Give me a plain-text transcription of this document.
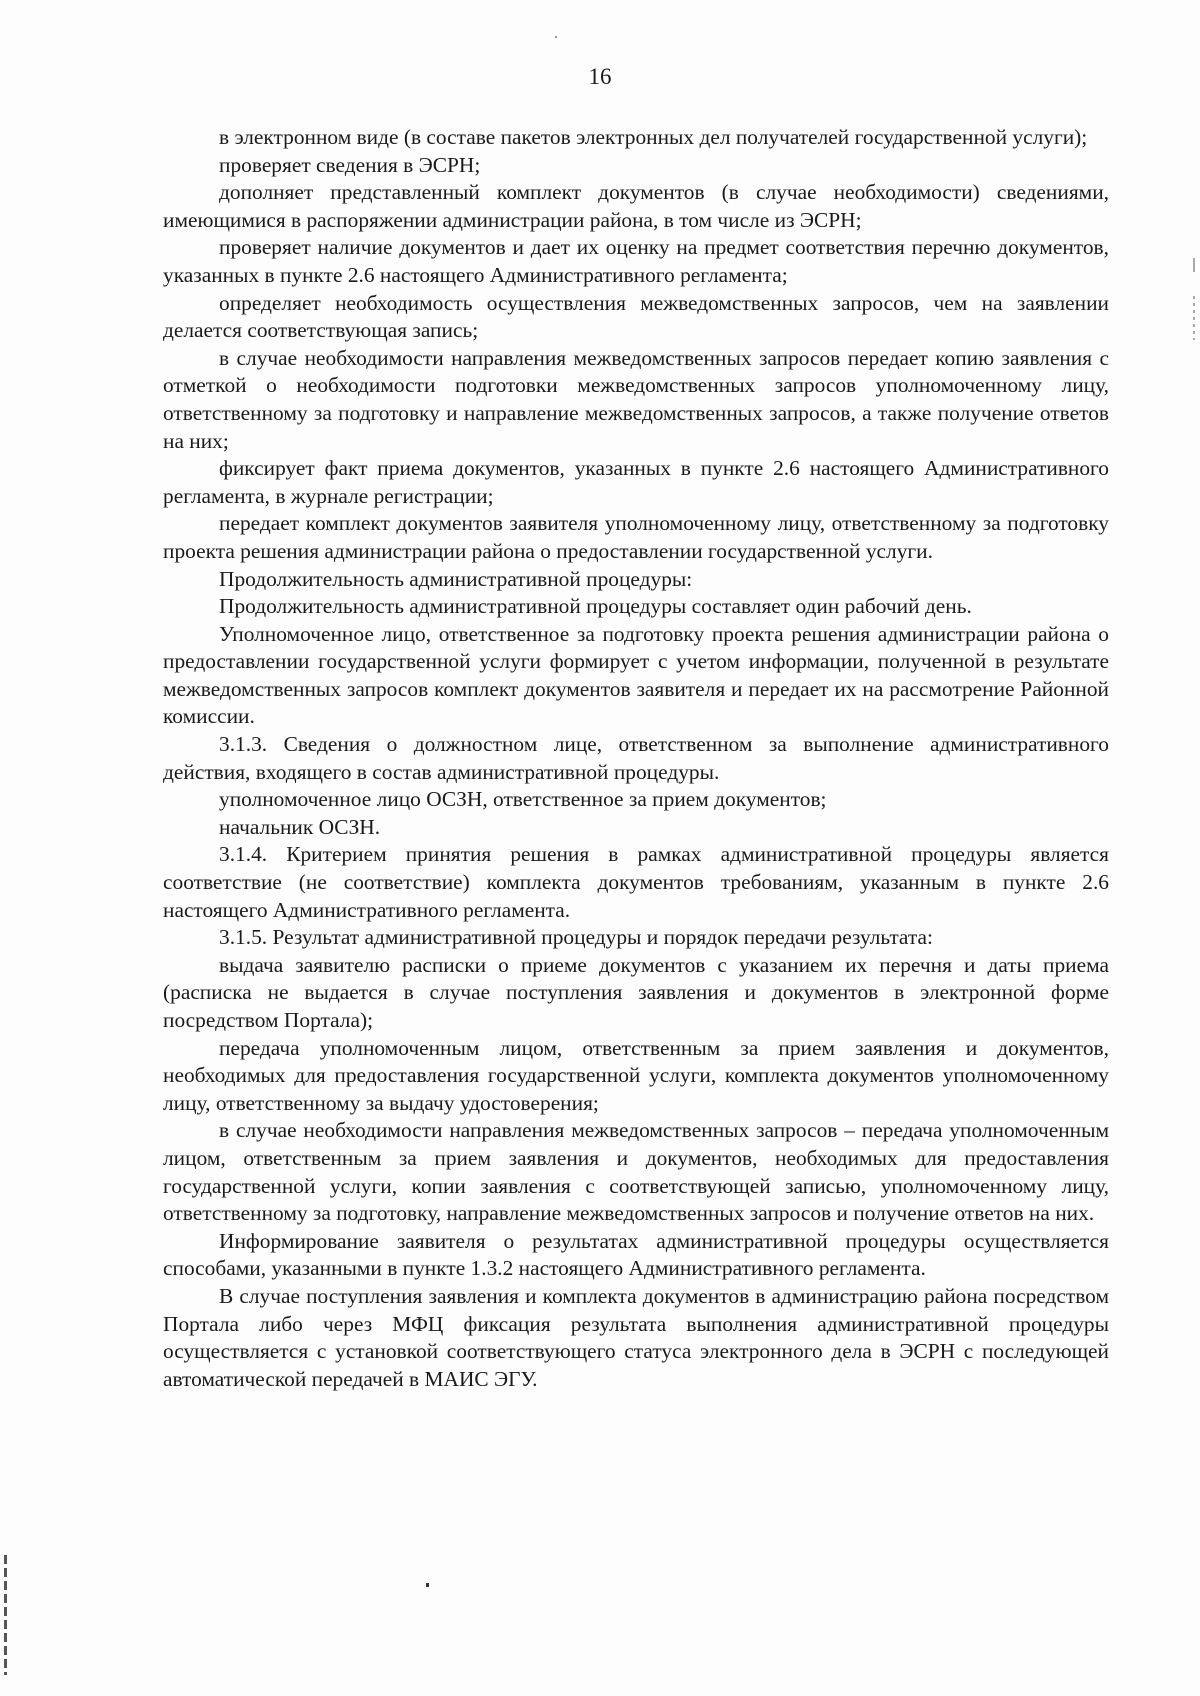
16

в электронном виде (в составе пакетов электронных дел получателей государственной услуги);

проверяет сведения в ЭСРН;

дополняет представленный комплект документов (в случае необходимости) сведениями, имеющимися в распоряжении администрации района, в том числе из ЭСРН;

проверяет наличие документов и дает их оценку на предмет соответствия перечню документов, указанных в пункте 2.6 настоящего Административного регламента;

определяет необходимость осуществления межведомственных запросов, чем на заявлении делается соответствующая запись;

в случае необходимости направления межведомственных запросов передает копию заявления с отметкой о необходимости подготовки межведомственных запросов уполномоченному лицу, ответственному за подготовку и направление межведомственных запросов, а также получение ответов на них;

фиксирует факт приема документов, указанных в пункте 2.6 настоящего Административного регламента, в журнале регистрации;

передает комплект документов заявителя уполномоченному лицу, ответственному за подготовку проекта решения администрации района о предоставлении государственной услуги.

Продолжительность административной процедуры:

Продолжительность административной процедуры составляет один рабочий день.

Уполномоченное лицо, ответственное за подготовку проекта решения администрации района о предоставлении государственной услуги формирует с учетом информации, полученной в результате межведомственных запросов комплект документов заявителя и передает их на рассмотрение Районной комиссии.

3.1.3. Сведения о должностном лице, ответственном за выполнение административного действия, входящего в состав административной процедуры.

уполномоченное лицо ОСЗН, ответственное за прием документов;

начальник ОСЗН.

3.1.4. Критерием принятия решения в рамках административной процедуры является соответствие (не соответствие) комплекта документов требованиям, указанным в пункте 2.6 настоящего Административного регламента.

3.1.5. Результат административной процедуры и порядок передачи результата:

выдача заявителю расписки о приеме документов с указанием их перечня и даты приема (расписка не выдается в случае поступления заявления и документов в электронной форме посредством Портала);

передача уполномоченным лицом, ответственным за прием заявления и документов, необходимых для предоставления государственной услуги, комплекта документов уполномоченному лицу, ответственному за выдачу удостоверения;

в случае необходимости направления межведомственных запросов – передача уполномоченным лицом, ответственным за прием заявления и документов, необходимых для предоставления государственной услуги, копии заявления с соответствующей записью, уполномоченному лицу, ответственному за подготовку, направление межведомственных запросов и получение ответов на них.

Информирование заявителя о результатах административной процедуры осуществляется способами, указанными в пункте 1.3.2 настоящего Административного регламента.

В случае поступления заявления и комплекта документов в администрацию района посредством Портала либо через МФЦ фиксация результата выполнения административной процедуры осуществляется с установкой соответствующего статуса электронного дела в ЭСРН с последующей автоматической передачей в МАИС ЭГУ.
